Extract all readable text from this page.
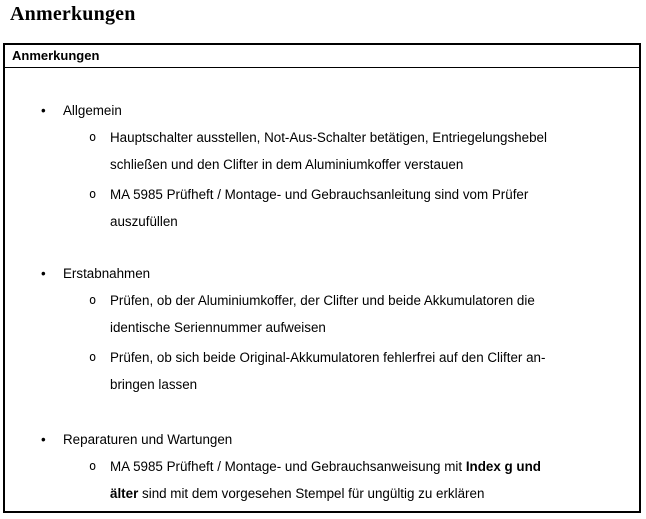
Anmerkungen
Anmerkungen
•	Allgemein
o	Hauptschalter ausstellen, Not-Aus-Schalter betätigen, Entriegelungshebel
schließen und den Clifter in dem Aluminiumkoffer verstauen
o	MA 5985 Prüfheft / Montage- und Gebrauchsanleitung sind vom Prüfer
auszufüllen
•	Erstabnahmen
o	Prüfen, ob der Aluminiumkoffer, der Clifter und beide Akkumulatoren die
identische Seriennummer aufweisen
o	Prüfen, ob sich beide Original-Akkumulatoren fehlerfrei auf den Clifter an-
bringen lassen
•	Reparaturen und Wartungen
o	MA 5985 Prüfheft / Montage- und Gebrauchsanweisung mit Index g und
älter sind mit dem vorgesehen Stempel für ungültig zu erklären
